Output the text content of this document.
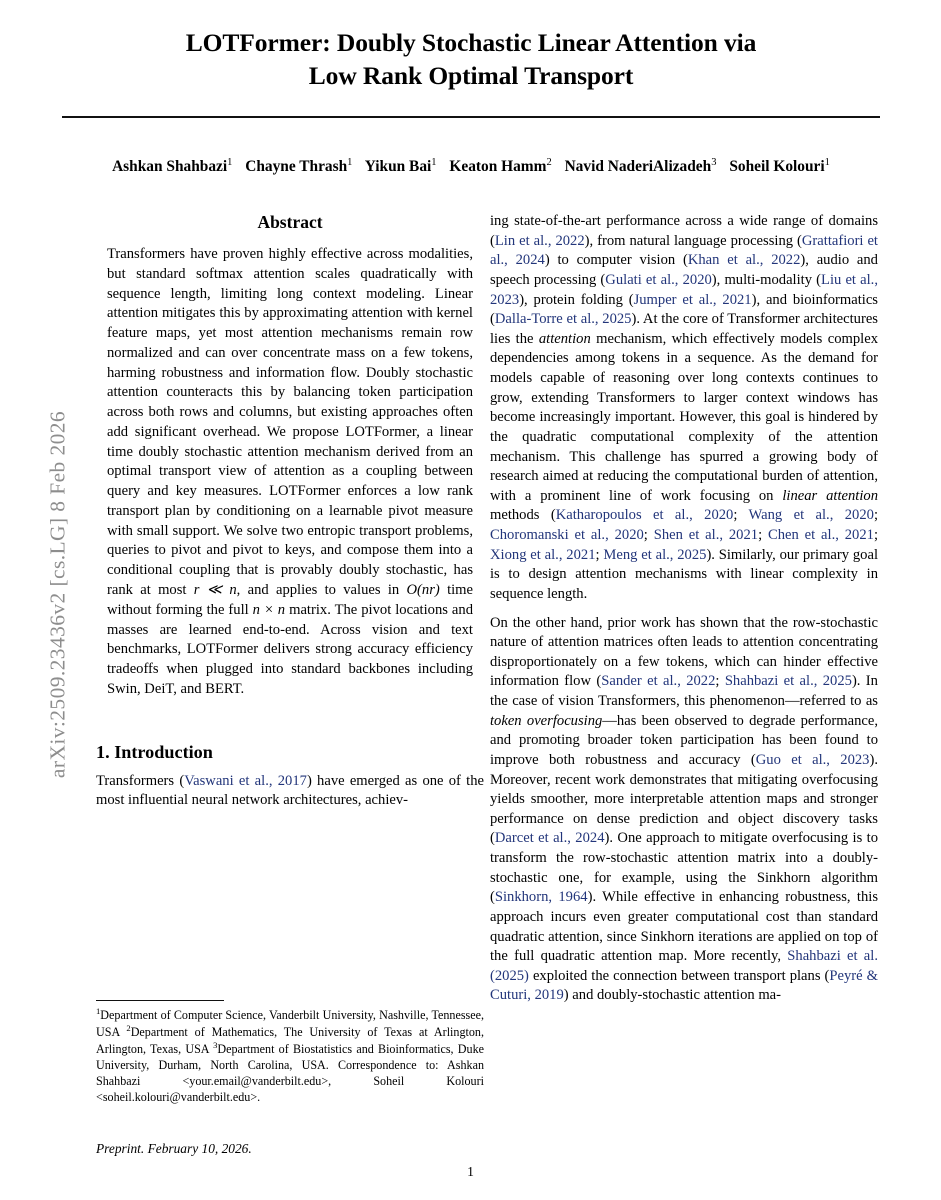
arXiv:2509.23436v2 [cs.LG] 8 Feb 2026
LOTFormer: Doubly Stochastic Linear Attention via
Low Rank Optimal Transport
Ashkan Shahbazi$^1$ Chayne Thrash$^1$ Yikun Bai$^1$ Keaton Hamm$^2$ Navid NaderiAlizadeh$^3$ Soheil Kolouri$^1$
Abstract

Transformers have proven highly effective across modalities, but standard softmax attention scales quadratically with sequence length, limiting long context modeling. Linear attention mitigates this by approximating attention with kernel feature maps, yet most attention mechanisms remain row normalized and can over concentrate mass on a few tokens, harming robustness and information flow. Doubly stochastic attention counteracts this by balancing token participation across both rows and columns, but existing approaches often add significant overhead. We propose LOTFormer, a linear time doubly stochastic attention mechanism derived from an optimal transport view of attention as a coupling between query and key measures. LOTFormer enforces a low rank transport plan by conditioning on a learnable pivot measure with small support. We solve two entropic transport problems, queries to pivot and pivot to keys, and compose them into a conditional coupling that is provably doubly stochastic, has rank at most r ≪ n, and applies to values in O(nr) time without forming the full n × n matrix. The pivot locations and masses are learned end-to-end. Across vision and text benchmarks, LOTFormer delivers strong accuracy efficiency tradeoffs when plugged into standard backbones including Swin, DeiT, and BERT.

1. Introduction

Transformers (Vaswani et al., 2017) have emerged as one of the most influential neural network architectures, achiev-

ing state-of-the-art performance across a wide range of domains (Lin et al., 2022), from natural language processing (Grattafiori et al., 2024) to computer vision (Khan et al., 2022), audio and speech processing (Gulati et al., 2020), multi-modality (Liu et al., 2023), protein folding (Jumper et al., 2021), and bioinformatics (Dalla-Torre et al., 2025). At the core of Transformer architectures lies the attention mechanism, which effectively models complex dependencies among tokens in a sequence. As the demand for models capable of reasoning over long contexts continues to grow, extending Transformers to larger context windows has become increasingly important. However, this goal is hindered by the quadratic computational complexity of the attention mechanism. This challenge has spurred a growing body of research aimed at reducing the computational burden of attention, with a prominent line of work focusing on linear attention methods (Katharopoulos et al., 2020; Wang et al., 2020; Choromanski et al., 2020; Shen et al., 2021; Chen et al., 2021; Xiong et al., 2021; Meng et al., 2025). Similarly, our primary goal is to design attention mechanisms with linear complexity in sequence length.

On the other hand, prior work has shown that the row-stochastic nature of attention matrices often leads to attention concentrating disproportionately on a few tokens, which can hinder effective information flow (Sander et al., 2022; Shahbazi et al., 2025). In the case of vision Transformers, this phenomenon—referred to as token overfocusing—has been observed to degrade performance, and promoting broader token participation has been found to improve both robustness and accuracy (Guo et al., 2023). Moreover, recent work demonstrates that mitigating overfocusing yields smoother, more interpretable attention maps and stronger performance on dense prediction and object discovery tasks (Darcet et al., 2024). One approach to mitigate overfocusing is to transform the row-stochastic attention matrix into a doubly-stochastic one, for example, using the Sinkhorn algorithm (Sinkhorn, 1964). While effective in enhancing robustness, this approach incurs even greater computational cost than standard quadratic attention, since Sinkhorn iterations are applied on top of the full quadratic attention map. More recently, Shahbazi et al. (2025) exploited the connection between transport plans (Peyré & Cuturi, 2019) and doubly-stochastic attention ma-

$^1$Department of Computer Science, Vanderbilt University, Nashville, Tennessee, USA $^2$Department of Mathematics, The University of Texas at Arlington, Arlington, Texas, USA $^3$Department of Biostatistics and Bioinformatics, Duke University, Durham, North Carolina, USA. Correspondence to: Ashkan Shahbazi <your.email@vanderbilt.edu>, Soheil Kolouri <soheil.kolouri@vanderbilt.edu>.
Preprint. February 10, 2026.
1
